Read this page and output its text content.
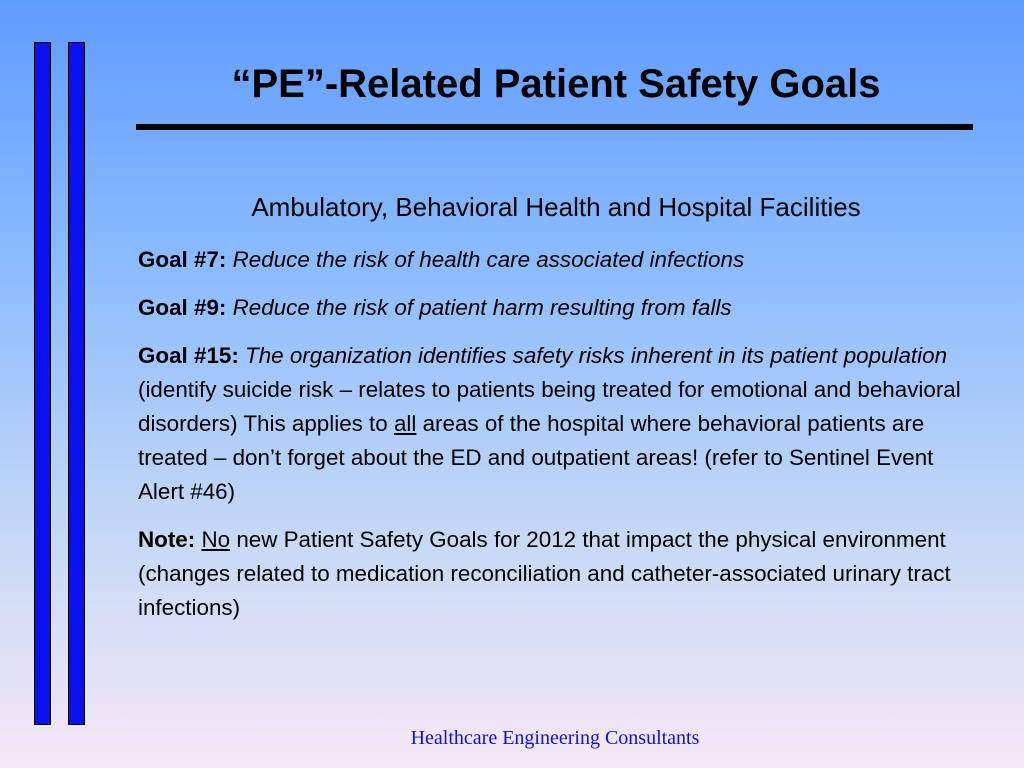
“PE”-Related Patient Safety Goals
Ambulatory, Behavioral Health and Hospital Facilities

Goal #7: Reduce the risk of health care associated infections

Goal #9: Reduce the risk of patient harm resulting from falls

Goal #15: The organization identifies safety risks inherent in its patient population (identify suicide risk – relates to patients being treated for emotional and behavioral disorders) This applies to all areas of the hospital where behavioral patients are treated – don’t forget about the ED and outpatient areas! (refer to Sentinel Event Alert #46)

Note: No new Patient Safety Goals for 2012 that impact the physical environment (changes related to medication reconciliation and catheter-associated urinary tract infections)

Healthcare Engineering Consultants
